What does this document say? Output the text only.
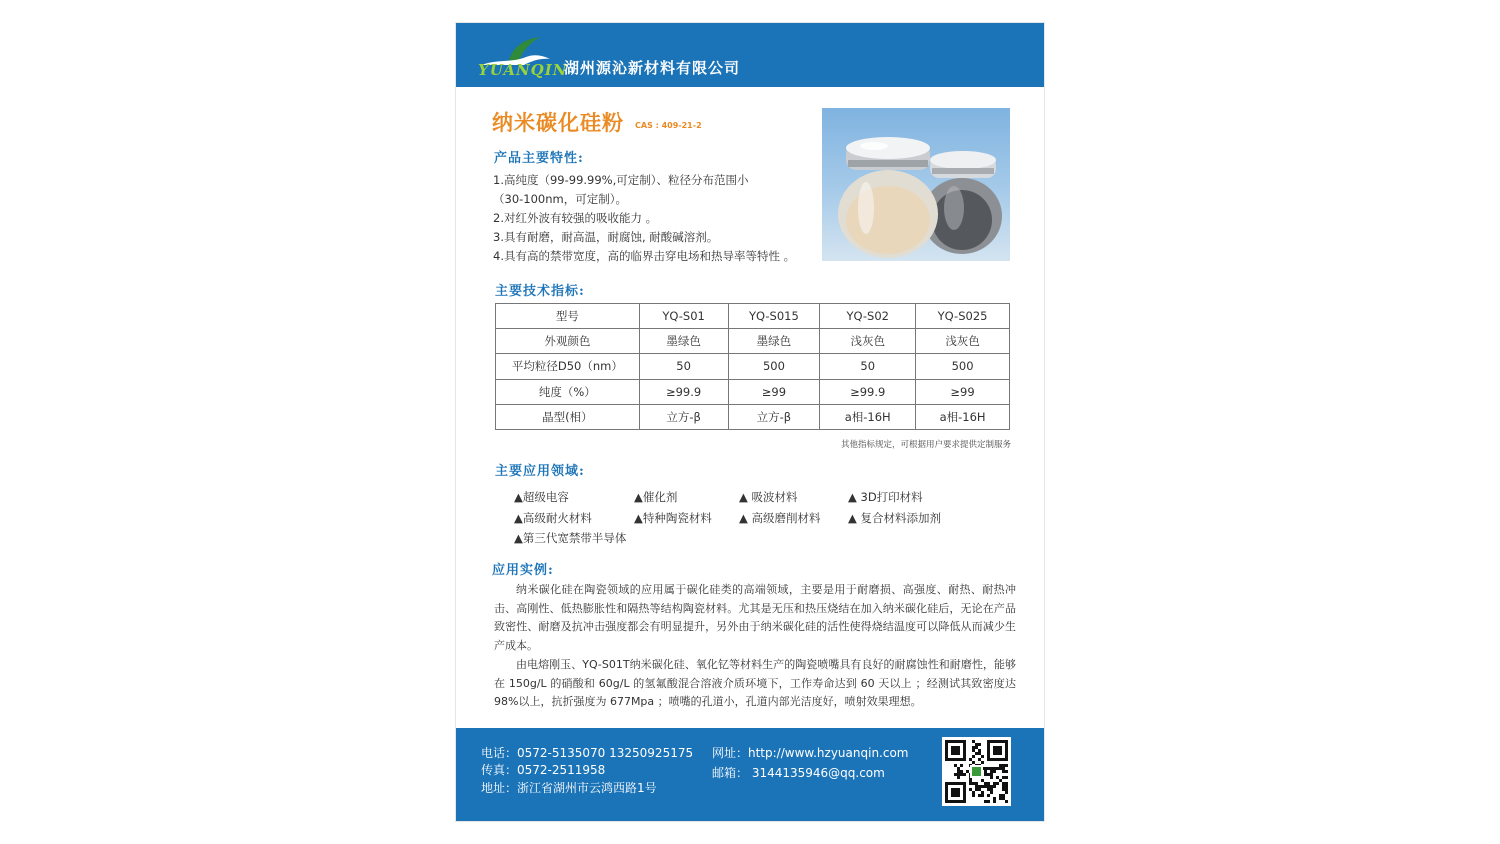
YUANQIN
湖州源沁新材料有限公司
纳米碳化硅粉 CAS : 409-21-2
产品主要特性:
1.高纯度（99-99.99%,可定制）、粒径分布范围小
（30-100nm，可定制）。
2.对红外波有较强的吸收能力 。
3.具有耐磨，耐高温，耐腐蚀, 耐酸碱溶剂。
4.具有高的禁带宽度，高的临界击穿电场和热导率等特性 。
主要技术指标:
型号	YQ-S01	YQ-S015	YQ-S02	YQ-S025
外观颜色	墨绿色	墨绿色	浅灰色	浅灰色
平均粒径D50（nm）	50	500	50	500
纯度（%）	≥99.9	≥99	≥99.9	≥99
晶型(相）	立方-β	立方-β	a相-16H	a相-16H
其他指标规定，可根据用户要求提供定制服务
主要应用领域:
▲超级电容	▲催化剂	▲ 吸波材料	▲ 3D打印材料
▲高级耐火材料	▲特种陶瓷材料 ▲ 高级磨削材料 ▲ 复合材料添加剂
▲第三代宽禁带半导体
应用实例:
纳米碳化硅在陶瓷领域的应用属于碳化硅类的高端领域，主要是用于耐磨损、高强度、耐热、耐热冲击、高刚性、低热膨胀性和隔热等结构陶瓷材料。尤其是无压和热压烧结在加入纳米碳化硅后，无论在产品致密性、耐磨及抗冲击强度都会有明显提升，另外由于纳米碳化硅的活性使得烧结温度可以降低从而减少生产成本。
由电熔刚玉、YQ-S01T纳米碳化硅、氧化钇等材料生产的陶瓷喷嘴具有良好的耐腐蚀性和耐磨性，能够在 150g/L 的硝酸和 60g/L 的氢氟酸混合溶液介质环境下，工作寿命达到 60 天以上 ；经测试其致密度达98%以上，抗折强度为 677Mpa ；喷嘴的孔道小，孔道内部光洁度好，喷射效果理想。
电话：0572-5135070 13250925175
传真：0572-2511958
地址：浙江省湖州市云鸿西路1号
网址：http://www.hzyuanqin.com
邮箱： 3144135946@qq.com
